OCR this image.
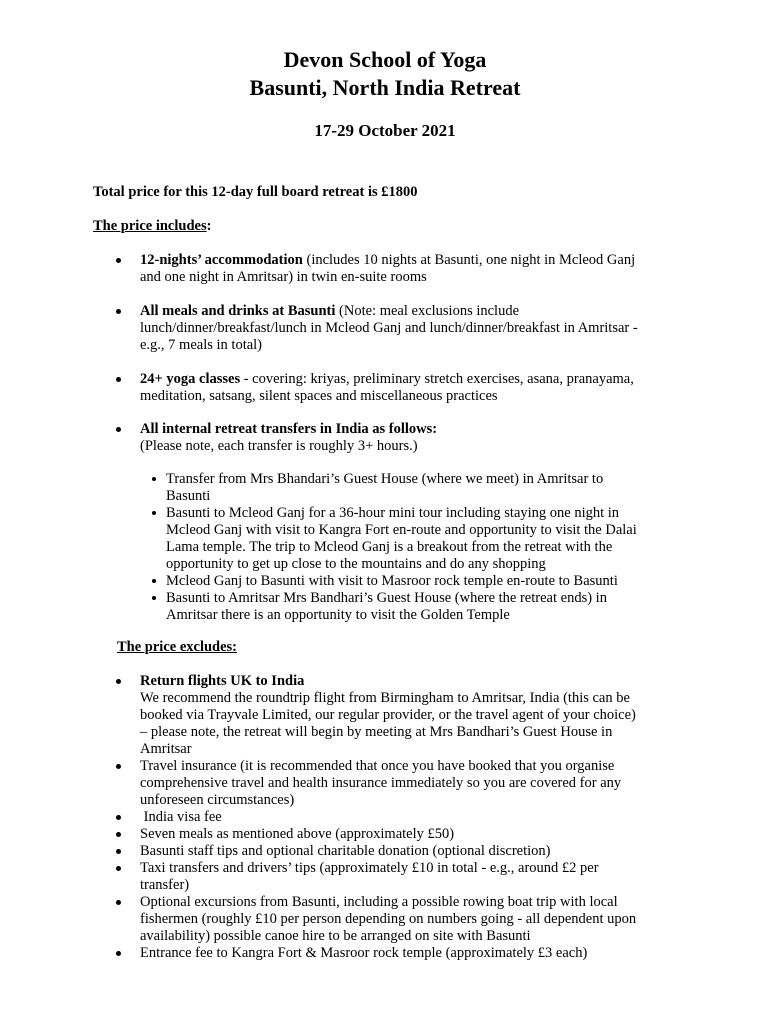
Devon School of Yoga
Basunti, North India Retreat
17-29 October 2021
Total price for this 12-day full board retreat is £1800
The price includes:
12-nights’ accommodation (includes 10 nights at Basunti, one night in Mcleod Ganj
and one night in Amritsar) in twin en-suite rooms
All meals and drinks at Basunti (Note: meal exclusions include
lunch/dinner/breakfast/lunch in Mcleod Ganj and lunch/dinner/breakfast in Amritsar -
e.g., 7 meals in total)
24+ yoga classes - covering: kriyas, preliminary stretch exercises, asana, pranayama,
meditation, satsang, silent spaces and miscellaneous practices
All internal retreat transfers in India as follows:
(Please note, each transfer is roughly 3+ hours.)
Transfer from Mrs Bhandari’s Guest House (where we meet) in Amritsar to
Basunti
Basunti to Mcleod Ganj for a 36-hour mini tour including staying one night in
Mcleod Ganj with visit to Kangra Fort en-route and opportunity to visit the Dalai
Lama temple. The trip to Mcleod Ganj is a breakout from the retreat with the
opportunity to get up close to the mountains and do any shopping
Mcleod Ganj to Basunti with visit to Masroor rock temple en-route to Basunti
Basunti to Amritsar Mrs Bandhari’s Guest House (where the retreat ends) in
Amritsar there is an opportunity to visit the Golden Temple
The price excludes:
Return flights UK to India
We recommend the roundtrip flight from Birmingham to Amritsar, India (this can be
booked via Trayvale Limited, our regular provider, or the travel agent of your choice)
– please note, the retreat will begin by meeting at Mrs Bandhari’s Guest House in
Amritsar
Travel insurance (it is recommended that once you have booked that you organise
comprehensive travel and health insurance immediately so you are covered for any
unforeseen circumstances)
India visa fee
Seven meals as mentioned above (approximately £50)
Basunti staff tips and optional charitable donation (optional discretion)
Taxi transfers and drivers’ tips (approximately £10 in total - e.g., around £2 per
transfer)
Optional excursions from Basunti, including a possible rowing boat trip with local
fishermen (roughly £10 per person depending on numbers going - all dependent upon
availability) possible canoe hire to be arranged on site with Basunti
Entrance fee to Kangra Fort & Masroor rock temple (approximately £3 each)
